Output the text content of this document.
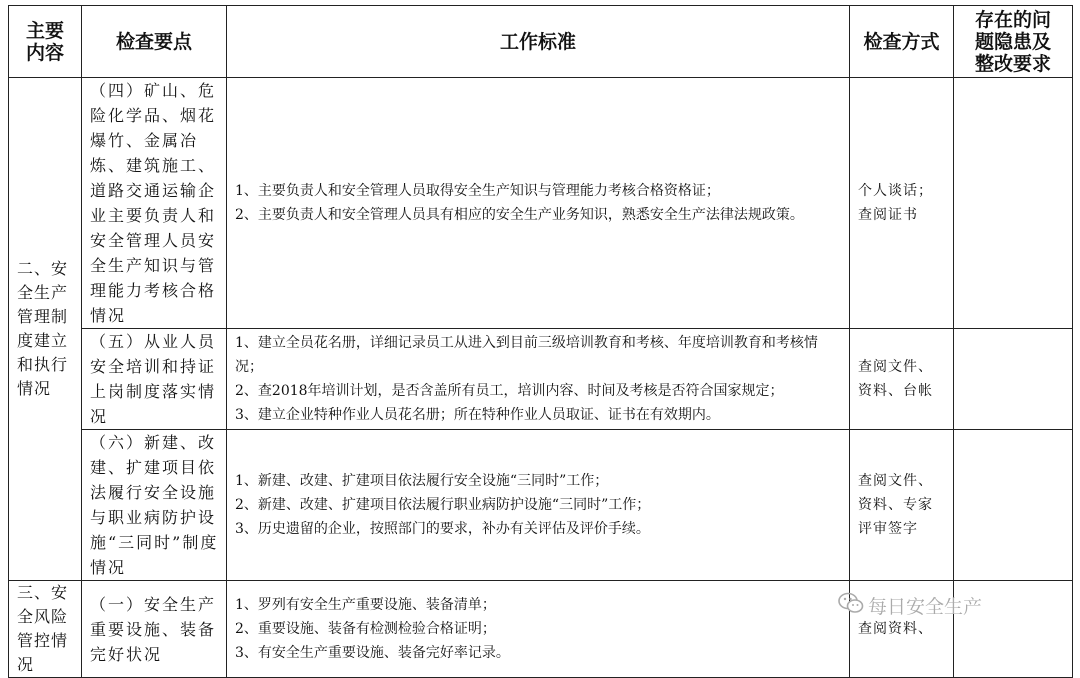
主要
内容	检查要点	工作标准	检查方式	存在的问
题隐患及
整改要求
二、安全生产管理制度建立和执行情况	（四）矿山、危险化学品、烟花爆竹、金属冶炼、建筑施工、道路交通运输企业主要负责人和安全管理人员安全生产知识与管理能力考核合格情况	1、主要负责人和安全管理人员取得安全生产知识与管理能力考核合格资格证；
2、主要负责人和安全管理人员具有相应的安全生产业务知识，熟悉安全生产法律法规政策。	个人谈话；查阅证书	
	（五）从业人员安全培训和持证上岗制度落实情况	1、建立全员花名册，详细记录员工从进入到目前三级培训教育和考核、年度培训教育和考核情况；
2、查2018年培训计划，是否含盖所有员工，培训内容、时间及考核是否符合国家规定；
3、建立企业特种作业人员花名册；所在特种作业人员取证、证书在有效期内。	查阅文件、资料、台帐	
	（六）新建、改建、扩建项目依法履行安全设施与职业病防护设施“三同时”制度情况	1、新建、改建、扩建项目依法履行安全设施“三同时”工作；
2、新建、改建、扩建项目依法履行职业病防护设施“三同时”工作；
3、历史遗留的企业，按照部门的要求，补办有关评估及评价手续。	查阅文件、资料、专家评审签字	
三、安全风险管控情况	（一）安全生产重要设施、装备完好状况	1、罗列有安全生产重要设施、装备清单；
2、重要设施、装备有检测检验合格证明；
3、有安全生产重要设施、装备完好率记录。	查阅资料、	
每日安全生产
